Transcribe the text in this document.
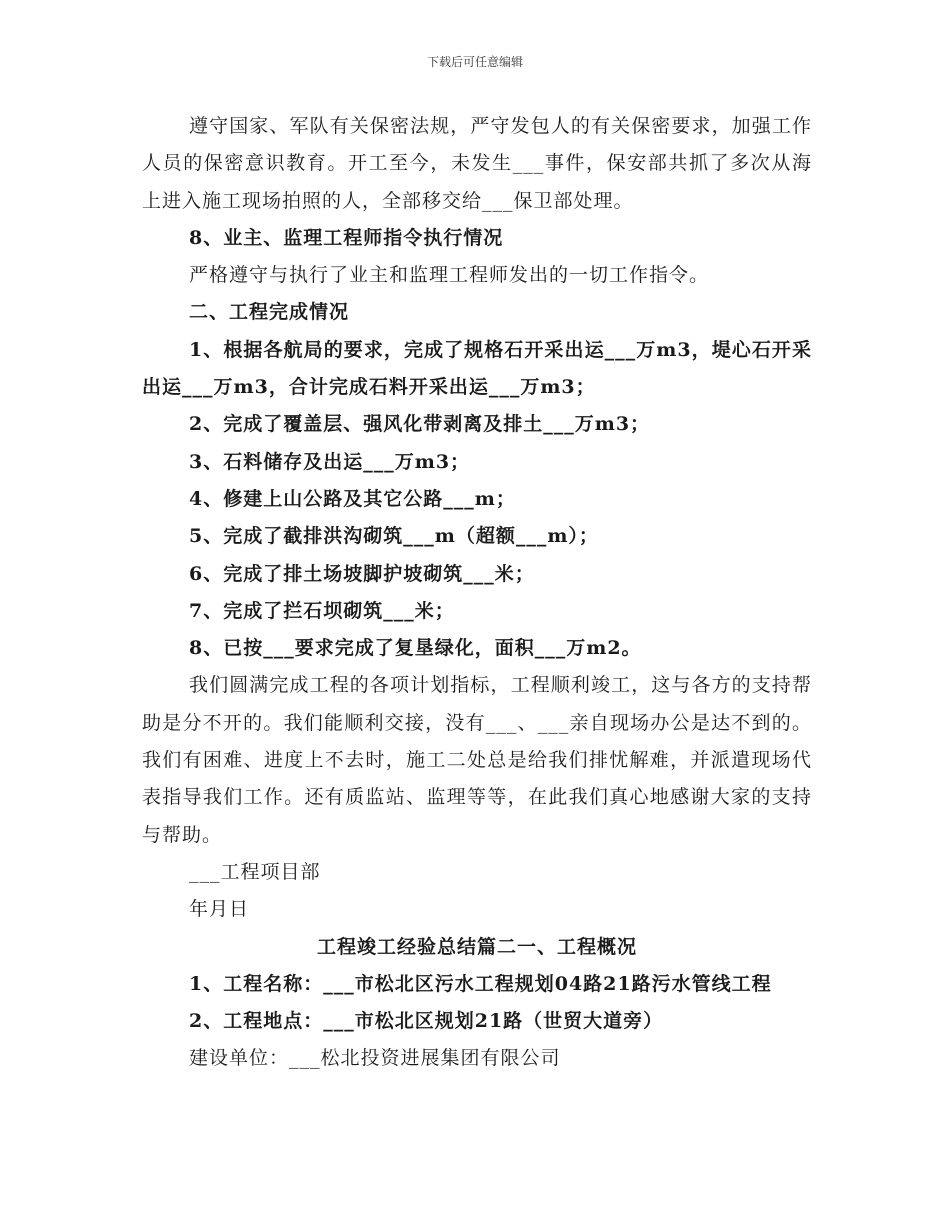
下载后可任意编辑

遵守国家、军队有关保密法规，严守发包人的有关保密要求，加强工作人员的保密意识教育。开工至今，未发生___事件，保安部共抓了多次从海上进入施工现场拍照的人，全部移交给___保卫部处理。

8、业主、监理工程师指令执行情况

严格遵守与执行了业主和监理工程师发出的一切工作指令。

二、工程完成情况

1、根据各航局的要求，完成了规格石开采出运___万m3，堤心石开采出运___万m3，合计完成石料开采出运___万m3；

2、完成了覆盖层、强风化带剥离及排土___万m3；

3、石料储存及出运___万m3；

4、修建上山公路及其它公路___m；

5、完成了截排洪沟砌筑___m（超额___m）；

6、完成了排土场坡脚护坡砌筑___米；

7、完成了拦石坝砌筑___米；

8、已按___要求完成了复垦绿化，面积___万m2。

我们圆满完成工程的各项计划指标，工程顺利竣工，这与各方的支持帮助是分不开的。我们能顺利交接，没有___、___亲自现场办公是达不到的。我们有困难、进度上不去时，施工二处总是给我们排忧解难，并派遣现场代表指导我们工作。还有质监站、监理等等，在此我们真心地感谢大家的支持与帮助。

___工程项目部

年月日

工程竣工经验总结篇二一、工程概况

1、工程名称：___市松北区污水工程规划04路21路污水管线工程

2、工程地点：___市松北区规划21路（世贸大道旁）

建设单位：___松北投资进展集团有限公司
